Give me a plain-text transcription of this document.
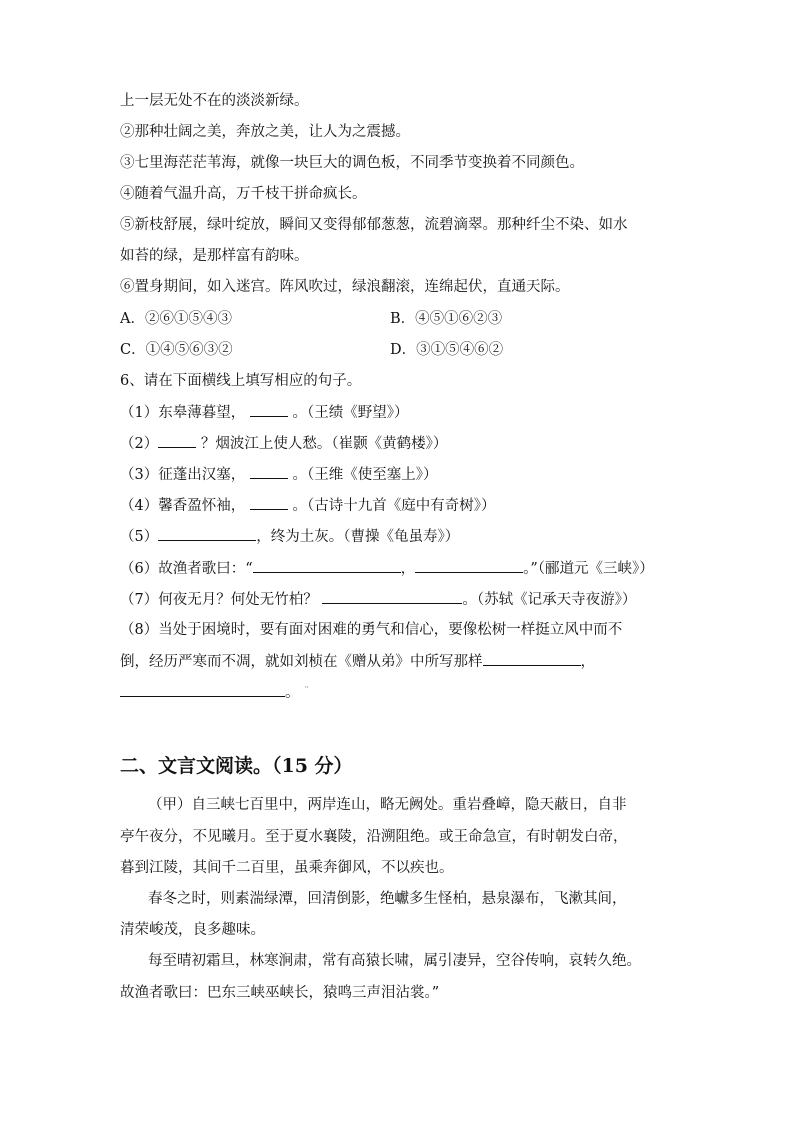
上一层无处不在的淡淡新绿。

②那种壮阔之美，奔放之美，让人为之震撼。

③七里海茫茫苇海，就像一块巨大的调色板，不同季节变换着不同颜色。

④随着气温升高，万千枝干拼命疯长。

⑤新枝舒展，绿叶绽放，瞬间又变得郁郁葱葱，流碧滴翠。那种纤尘不染、如水

如苔的绿，是那样富有韵味。

⑥置身期间，如入迷宫。阵风吹过，绿浪翻滚，连绵起伏，直通天际。

A．②⑥①⑤④③	B．④⑤①⑥②③

C．①④⑤⑥③②	D．③①⑤④⑥②

6、请在下面横线上填写相应的句子。

（1）东皋薄暮望，	。（王绩《野望》）

（2）	？烟波江上使人愁。（崔颢《黄鹤楼》）

（3）征蓬出汉塞，	。（王维《使至塞上》）

（4）馨香盈怀袖，	。（古诗十九首《庭中有奇树》）

（5）	，终为土灰。（曹操《龟虽寿》）

（6）故渔者歌曰：“	，	。”（郦道元《三峡》）

（7）何夜无月？何处无竹柏？	。（苏轼《记承天寺夜游》）

（8）当处于困境时，要有面对困难的勇气和信心，要像松树一样挺立风中而不

倒，经历严寒而不凋，就如刘桢在《赠从弟》中所写那样	，

。 ¨

二、文言文阅读。（15 分）

（甲）自三峡七百里中，两岸连山，略无阙处。重岩叠嶂，隐天蔽日，自非

亭午夜分，不见曦月。至于夏水襄陵，沿溯阻绝。或王命急宣，有时朝发白帝，

暮到江陵，其间千二百里，虽乘奔御风，不以疾也。

春冬之时，则素湍绿潭，回清倒影，绝巘多生怪柏，悬泉瀑布，飞漱其间，

清荣峻茂，良多趣味。

每至晴初霜旦，林寒涧肃，常有高猿长啸，属引凄异，空谷传响，哀转久绝。

故渔者歌曰：巴东三峡巫峡长，猿鸣三声泪沾裳。”
